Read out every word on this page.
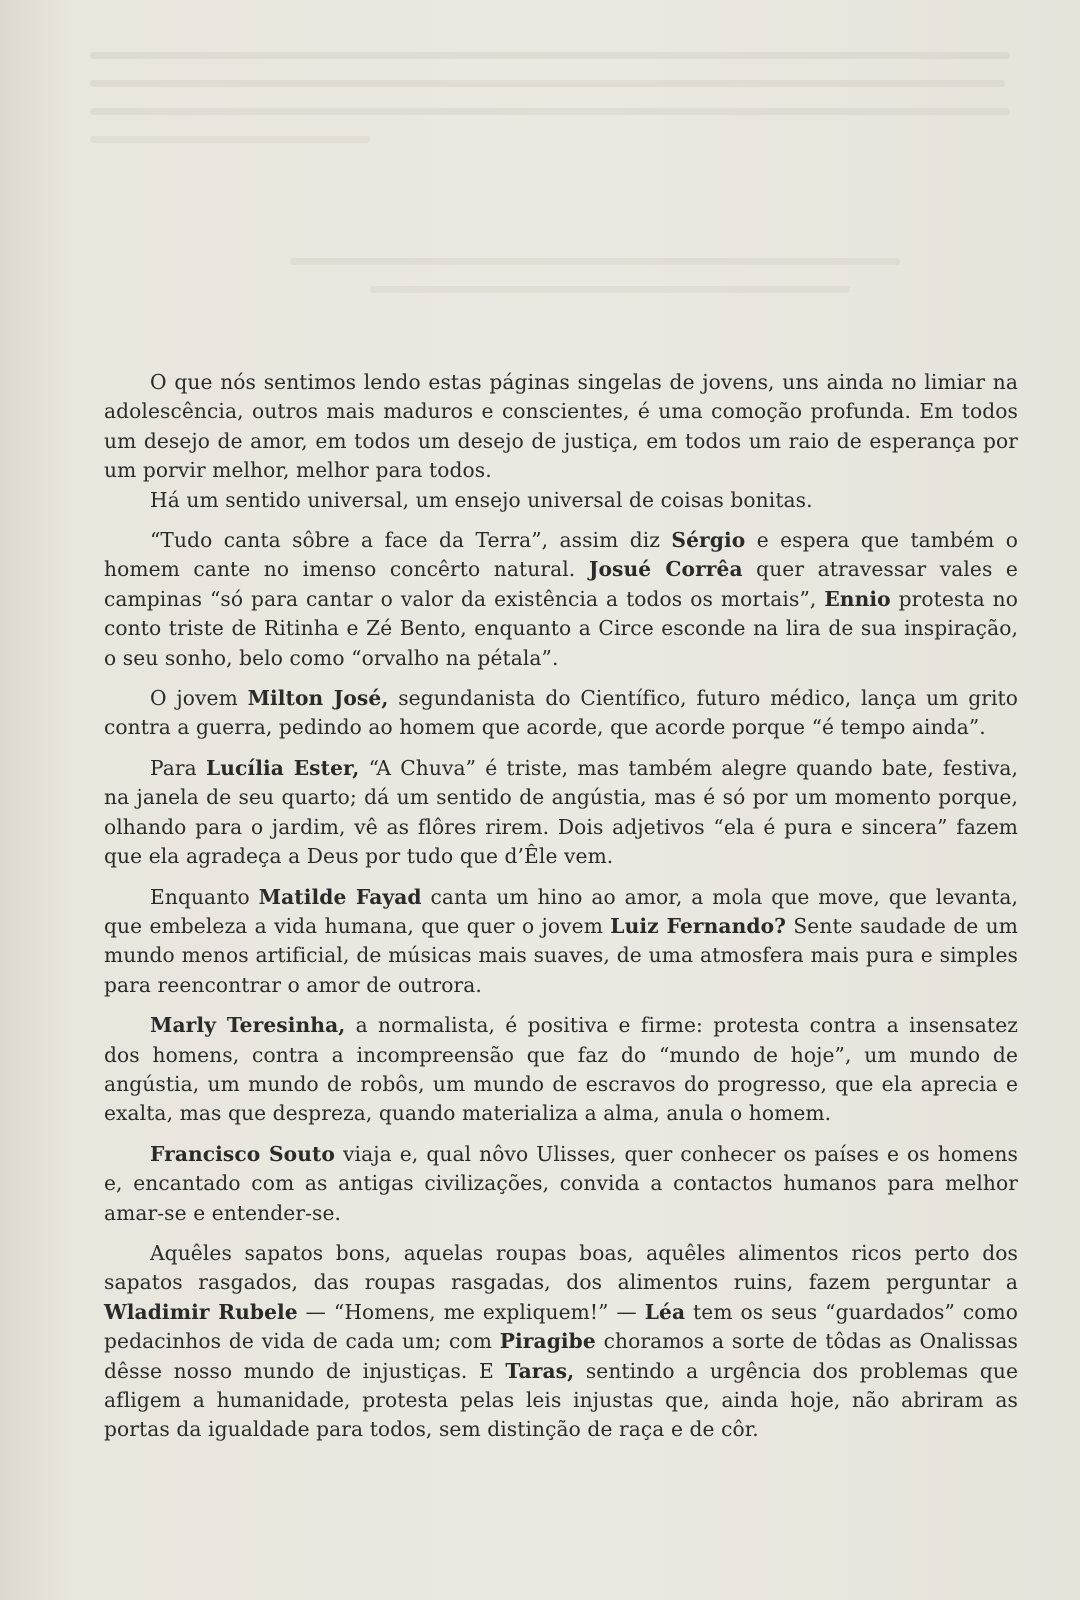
O que nós sentimos lendo estas páginas singelas de jovens, uns ainda no limiar na adolescência, outros mais maduros e conscientes, é uma comoção profunda. Em todos um desejo de amor, em todos um desejo de justiça, em todos um raio de esperança por um porvir melhor, melhor para todos.

Há um sentido universal, um ensejo universal de coisas bonitas.

“Tudo canta sôbre a face da Terra”, assim diz Sérgio e espera que também o homem cante no imenso concêrto natural. Josué Corrêa quer atravessar vales e campinas “só para cantar o valor da existência a todos os mortais”, Ennio protesta no conto triste de Ritinha e Zé Bento, enquanto a Circe esconde na lira de sua inspiração, o seu sonho, belo como “orvalho na pétala”.

O jovem Milton José, segundanista do Científico, futuro médico, lança um grito contra a guerra, pedindo ao homem que acorde, que acorde porque “é tempo ainda”.

Para Lucília Ester, “A Chuva” é triste, mas também alegre quando bate, festiva, na janela de seu quarto; dá um sentido de angústia, mas é só por um momento porque, olhando para o jardim, vê as flôres rirem. Dois adjetivos “ela é pura e sincera” fazem que ela agradeça a Deus por tudo que d’Êle vem.

Enquanto Matilde Fayad canta um hino ao amor, a mola que move, que levanta, que embeleza a vida humana, que quer o jovem Luiz Fernando? Sente saudade de um mundo menos artificial, de músicas mais suaves, de uma atmosfera mais pura e simples para reencontrar o amor de outrora.

Marly Teresinha, a normalista, é positiva e firme: protesta contra a insensatez dos homens, contra a incompreensão que faz do “mundo de hoje”, um mundo de angústia, um mundo de robôs, um mundo de escravos do progresso, que ela aprecia e exalta, mas que despreza, quando materializa a alma, anula o homem.

Francisco Souto viaja e, qual nôvo Ulisses, quer conhecer os países e os homens e, encantado com as antigas civilizações, convida a contactos humanos para melhor amar-se e entender-se.

Aquêles sapatos bons, aquelas roupas boas, aquêles alimentos ricos perto dos sapatos rasgados, das roupas rasgadas, dos alimentos ruins, fazem perguntar a Wladimir Rubele — “Homens, me expliquem!” — Léa tem os seus “guardados” como pedacinhos de vida de cada um; com Piragibe choramos a sorte de tôdas as Onalissas dêsse nosso mundo de injustiças. E Taras, sentindo a urgência dos problemas que afligem a humanidade, protesta pelas leis injustas que, ainda hoje, não abriram as portas da igualdade para todos, sem distinção de raça e de côr.
